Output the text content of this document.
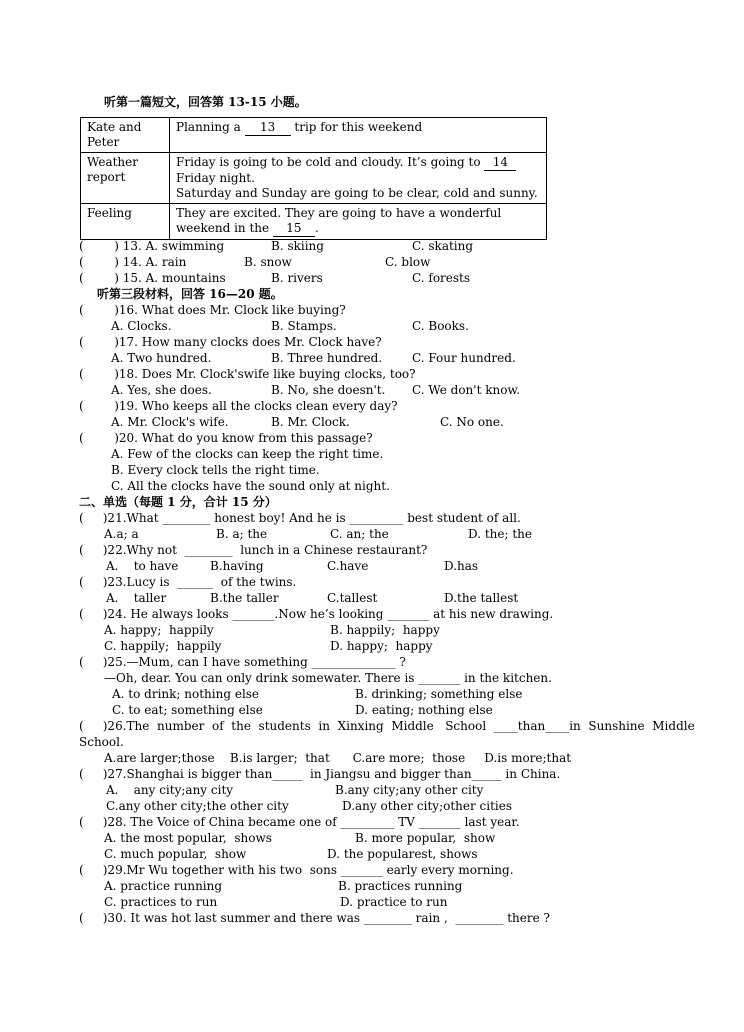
听第一篇短文，回答第 13-15 小题。
Kate and Peter	Planning a 13 trip for this weekend
Weather report	Friday is going to be cold and cloudy. It’s going to 14
Friday night.
Saturday and Sunday are going to be clear, cold and sunny.
Feeling	They are excited. They are going to have a wonderful weekend in the 15 .
(        ) 13. A. swimming	B. skiing	C. skating
(        ) 14. A. rain	B. snow	C. blow
(        ) 15. A. mountains	B. rivers	C. forests
听第三段材料，回答 16—20 题。
(        )16. What does Mr. Clock like buying?
A. Clocks.	B. Stamps.	C. Books.
(        )17. How many clocks does Mr. Clock have?
A. Two hundred.	B. Three hundred. C. Four hundred.
(        )18. Does Mr. Clock'swife like buying clocks, too?
A. Yes, she does.	B. No, she doesn't. C. We don't know.
(        )19. Who keeps all the clocks clean every day?
A. Mr. Clock's wife.	B. Mr. Clock.	C. No one.
(        )20. What do you know from this passage?
A. Few of the clocks can keep the right time.
B. Every clock tells the right time.
C. All the clocks have the sound only at night.
二、单选（每题 1 分，合计 15 分）
(     )21.What ________ honest boy! And he is _________ best student of all.
A.a; a	B. a; the	C. an; the	D. the; the
(     )22.Why not  ________  lunch in a Chinese restaurant?
A.    to have	B.having	C.have	D.has
(     )23.Lucy is  ______  of the twins.
A.    taller	B.the taller	C.tallest	D.the tallest
(     )24. He always looks _______.Now he’s looking _______ at his new drawing.
A. happy;  happily	B. happily;  happy
C. happily;  happily	D. happy;  happy
(     )25.—Mum, can I have something ______________ ?
—Oh, dear. You can only drink somewater. There is _______ in the kitchen.
A. to drink; nothing else	B. drinking; something else
C. to eat; something else	D. eating; nothing else
(     )26.The  number  of  the  students  in  Xinxing  Middle   School  ____than____in  Sunshine  Middle
School.
A.are larger;those    B.is larger;  that      C.are more;  those     D.is more;that
(     )27.Shanghai is bigger than_____  in Jiangsu and bigger than_____ in China.
A.    any city;any city	B.any city;any other city
C.any other city;the other city	D.any other city;other cities
(     )28. The Voice of China became one of _________ TV _______ last year.
A. the most popular,  shows	B. more popular,  show
C. much popular,  show	D. the popularest, shows
(     )29.Mr Wu together with his two  sons _______ early every morning.
A. practice running	B. practices running
C. practices to run	D. practice to run
(     )30. It was hot last summer and there was ________ rain ,  ________ there ?
